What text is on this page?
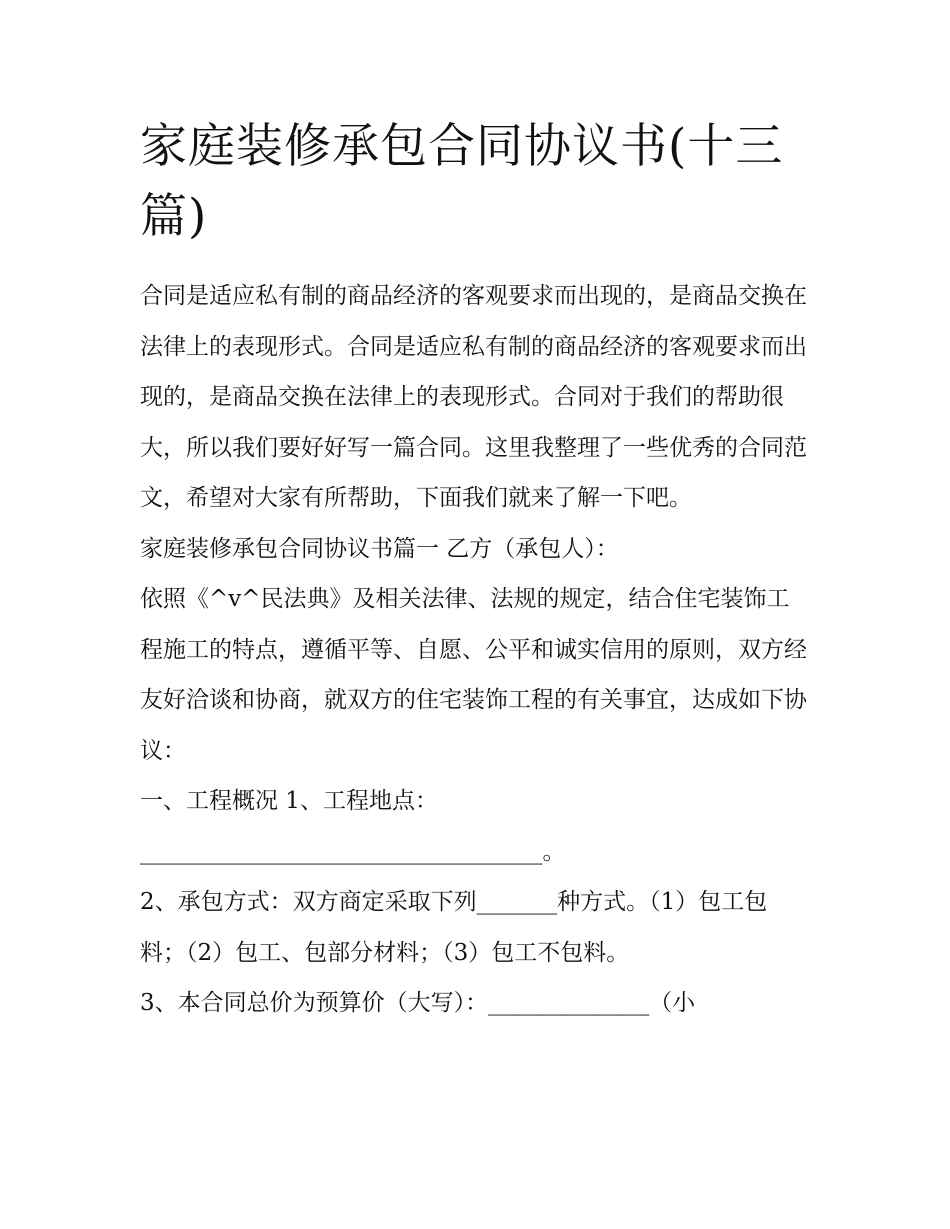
家庭装修承包合同协议书(十三篇)

合同是适应私有制的商品经济的客观要求而出现的，是商品交换在法律上的表现形式。合同是适应私有制的商品经济的客观要求而出现的，是商品交换在法律上的表现形式。合同对于我们的帮助很大，所以我们要好好写一篇合同。这里我整理了一些优秀的合同范文，希望对大家有所帮助，下面我们就来了解一下吧。

家庭装修承包合同协议书篇一 乙方（承包人）：

依照《^v^民法典》及相关法律、法规的规定，结合住宅装饰工程施工的特点，遵循平等、自愿、公平和诚实信用的原则，双方经友好洽谈和协商，就双方的住宅装饰工程的有关事宜，达成如下协议：

一、工程概况 1、工程地点：

___________________________________。

2、承包方式：双方商定采取下列_______种方式。（1）包工包料；（2）包工、包部分材料；（3）包工不包料。

3、本合同总价为预算价（大写）：______________（小
